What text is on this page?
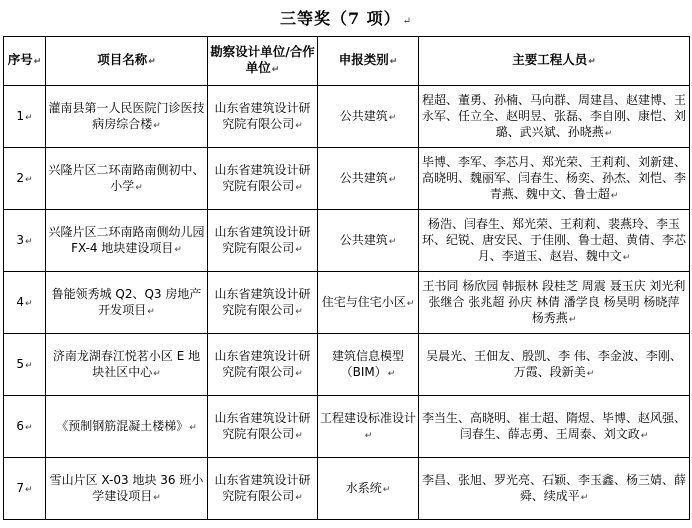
三等奖（7 项） ↵
序号↵	项目名称↵	勘察设计单位/合作单位↵	申报类别↵	主要工程人员↵
1↵	灌南县第一人民医院门诊医技病房综合楼↵	山东省建筑设计研究院有限公司↵	公共建筑↵	程超、董勇、孙楠、马向群、周建昌、赵建博、王永军、任立全、赵明昱、张磊、李自刚、康恺、刘璐、武兴斌、孙晓燕↵
2↵	兴隆片区二环南路南侧初中、小学↵	山东省建筑设计研究院有限公司↵	公共建筑↵	毕博、李军、李芯月、郑光荣、王莉莉、刘新建、高晓明、魏丽军、闫春生、杨奕、孙杰、刘恺、李青燕、魏中文、鲁士超↵
3↵	兴隆片区二环南路南侧幼儿园 FX-4 地块建设项目↵	山东省建筑设计研究院有限公司↵	公共建筑↵	杨浩、闫春生、郑光荣、王莉莉、裴燕玲、李玉环、纪锐、唐安民、于佳刚、鲁士超、黄倩、李芯月、李道玉、赵岩、魏中文↵
4↵	鲁能领秀城 Q2、Q3 房地产开发项目↵	山东省建筑设计研究院有限公司↵	住宅与住宅小区↵	王书同 杨欣园 韩振林 段桂芝 周震 聂玉庆 刘光利 张继合 张兆超 孙庆 林倩 潘学良 杨昊明 杨晓萍 杨秀燕↵
5↵	济南龙湖春江悦茗小区 E 地块社区中心↵	山东省建筑设计研究院有限公司↵	建筑信息模型（BIM）↵	吴晨光、王佃友、殷凯、李 伟、李金波、李刚、万霞、段新美↵
6↵	《预制钢筋混凝土楼梯》↵	山东省建筑设计研究院有限公司↵	工程建设标准设计↵	李当生、高晓明、崔士超、隋煜、毕博、赵风强、闫春生、薛志勇、王周泰、刘文政↵
7↵	雪山片区 X-03 地块 36 班小学建设项目↵	山东省建筑设计研究院有限公司↵	水系统↵	李昌、张旭、罗光亮、石颖、李玉鑫、杨三婧、薛舜、续成平↵
